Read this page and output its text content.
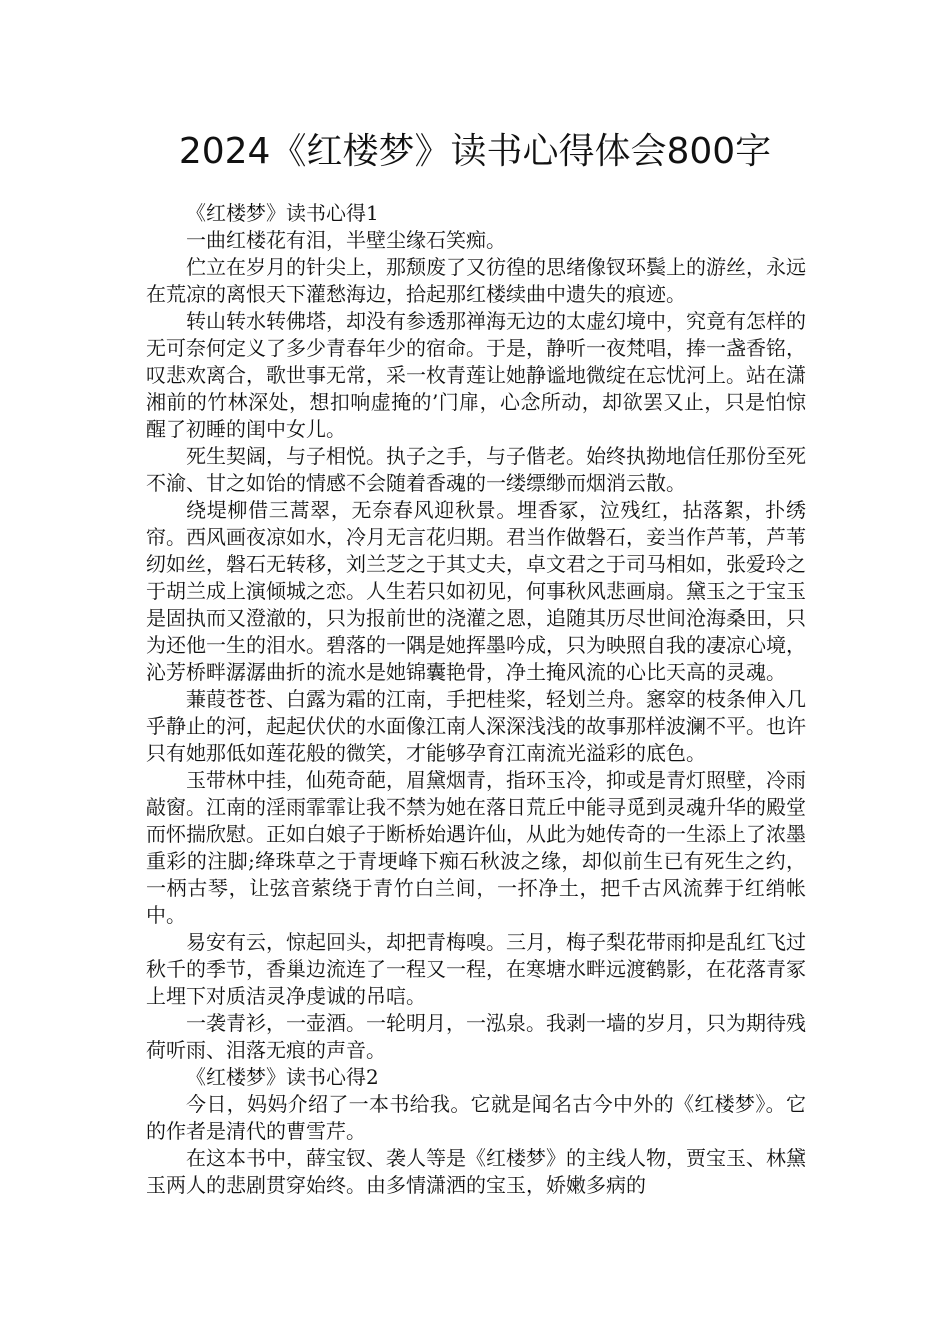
2024《红楼梦》读书心得体会800字

《红楼梦》读书心得1

一曲红楼花有泪，半壁尘缘石笑痴。

伫立在岁月的针尖上，那颓废了又彷徨的思绪像钗环鬓上的游丝，永远在荒凉的离恨天下灌愁海边，拾起那红楼续曲中遗失的痕迹。

转山转水转佛塔，却没有参透那禅海无边的太虚幻境中，究竟有怎样的无可奈何定义了多少青春年少的宿命。于是，静听一夜梵唱，捧一盏香铭，叹悲欢离合，歌世事无常，采一枚青莲让她静谧地微绽在忘忧河上。站在潇湘前的竹林深处，想扣响虚掩的’门扉，心念所动，却欲罢又止，只是怕惊醒了初睡的闺中女儿。

死生契阔，与子相悦。执子之手，与子偕老。始终执拗地信任那份至死不渝、甘之如饴的情感不会随着香魂的一缕缥缈而烟消云散。

绕堤柳借三蒿翠，无奈春风迎秋景。埋香冢，泣残红，拈落絮，扑绣帘。西风画夜凉如水，冷月无言花归期。君当作做磐石，妾当作芦苇，芦苇纫如丝，磐石无转移，刘兰芝之于其丈夫，卓文君之于司马相如，张爱玲之于胡兰成上演倾城之恋。人生若只如初见，何事秋风悲画扇。黛玉之于宝玉是固执而又澄澈的，只为报前世的浇灌之恩，追随其历尽世间沧海桑田，只为还他一生的泪水。碧落的一隅是她挥墨吟成，只为映照自我的凄凉心境，沁芳桥畔潺潺曲折的流水是她锦囊艳骨，净土掩风流的心比天高的灵魂。

蒹葭苍苍、白露为霜的江南，手把桂桨，轻划兰舟。窸窣的枝条伸入几乎静止的河，起起伏伏的水面像江南人深深浅浅的故事那样波澜不平。也许只有她那低如莲花般的微笑，才能够孕育江南流光溢彩的底色。

玉带林中挂，仙苑奇葩，眉黛烟青，指环玉冷，抑或是青灯照壁，冷雨敲窗。江南的淫雨霏霏让我不禁为她在落日荒丘中能寻觅到灵魂升华的殿堂而怀揣欣慰。正如白娘子于断桥始遇许仙，从此为她传奇的一生添上了浓墨重彩的注脚;绛珠草之于青埂峰下痴石秋波之缘，却似前生已有死生之约，一柄古琴，让弦音萦绕于青竹白兰间，一抔净土，把千古风流葬于红绡帐中。

易安有云，惊起回头，却把青梅嗅。三月，梅子梨花带雨抑是乱红飞过秋千的季节，香巢边流连了一程又一程，在寒塘水畔远渡鹤影，在花落青冢上埋下对质洁灵净虔诚的吊唁。

一袭青衫，一壶酒。一轮明月，一泓泉。我剥一墙的岁月，只为期待残荷听雨、泪落无痕的声音。

《红楼梦》读书心得2

今日，妈妈介绍了一本书给我。它就是闻名古今中外的《红楼梦》。它的作者是清代的曹雪芹。

在这本书中，薛宝钗、袭人等是《红楼梦》的主线人物，贾宝玉、林黛玉两人的悲剧贯穿始终。由多情潇洒的宝玉，娇嫩多病的
